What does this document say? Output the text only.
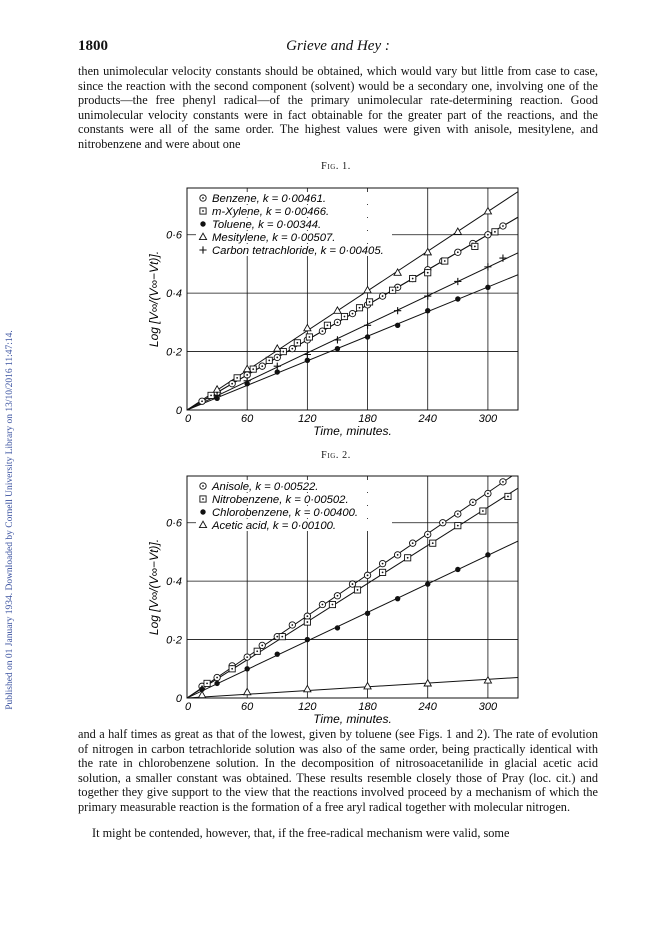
Published on 01 January 1934. Downloaded by Cornell University Library on 13/10/2016 11:47:14.
1800	Grieve and Hey :

then unimolecular velocity constants should be obtained, which would vary but little from case to case, since the reaction with the second component (solvent) would be a secondary one, involving one of the products—the free phenyl radical—of the primary unimolecular rate-determining reaction. Good unimolecular velocity constants were in fact obtainable for the greater part of the reactions, and the constants were all of the same order. The highest values were given with anisole, mesitylene, and nitrobenzene and were about one

Fig. 1.
0	60	120	180	240	300
0
0·2
0·4
0·6
Time, minutes.
Log [V∞/(V∞−Vt)].
Benzene, k = 0·00461.
m-Xylene, k = 0·00466.
Toluene, k = 0·00344.
Mesitylene, k = 0·00507.
Carbon tetrachloride, k = 0·00405.
Fig. 2.
0	60	120	180	240	300
0
0·2
0·4
0·6
Time, minutes.
Log [V∞/(V∞−Vt)].
Anisole, k = 0·00522.
Nitrobenzene, k = 0·00502.
Chlorobenzene, k = 0·00400.
Acetic acid, k = 0·00100.

and a half times as great as that of the lowest, given by toluene (see Figs. 1 and 2). The rate of evolution of nitrogen in carbon tetrachloride solution was also of the same order, being practically identical with the rate in chlorobenzene solution. In the decomposition of nitrosoacetanilide in glacial acetic acid solution, a smaller constant was obtained. These results resemble closely those of Pray (loc. cit.) and together they give support to the view that the reactions involved proceed by a mechanism of which the primary measurable reaction is the formation of a free aryl radical together with molecular nitrogen.

It might be contended, however, that, if the free-radical mechanism were valid, some
